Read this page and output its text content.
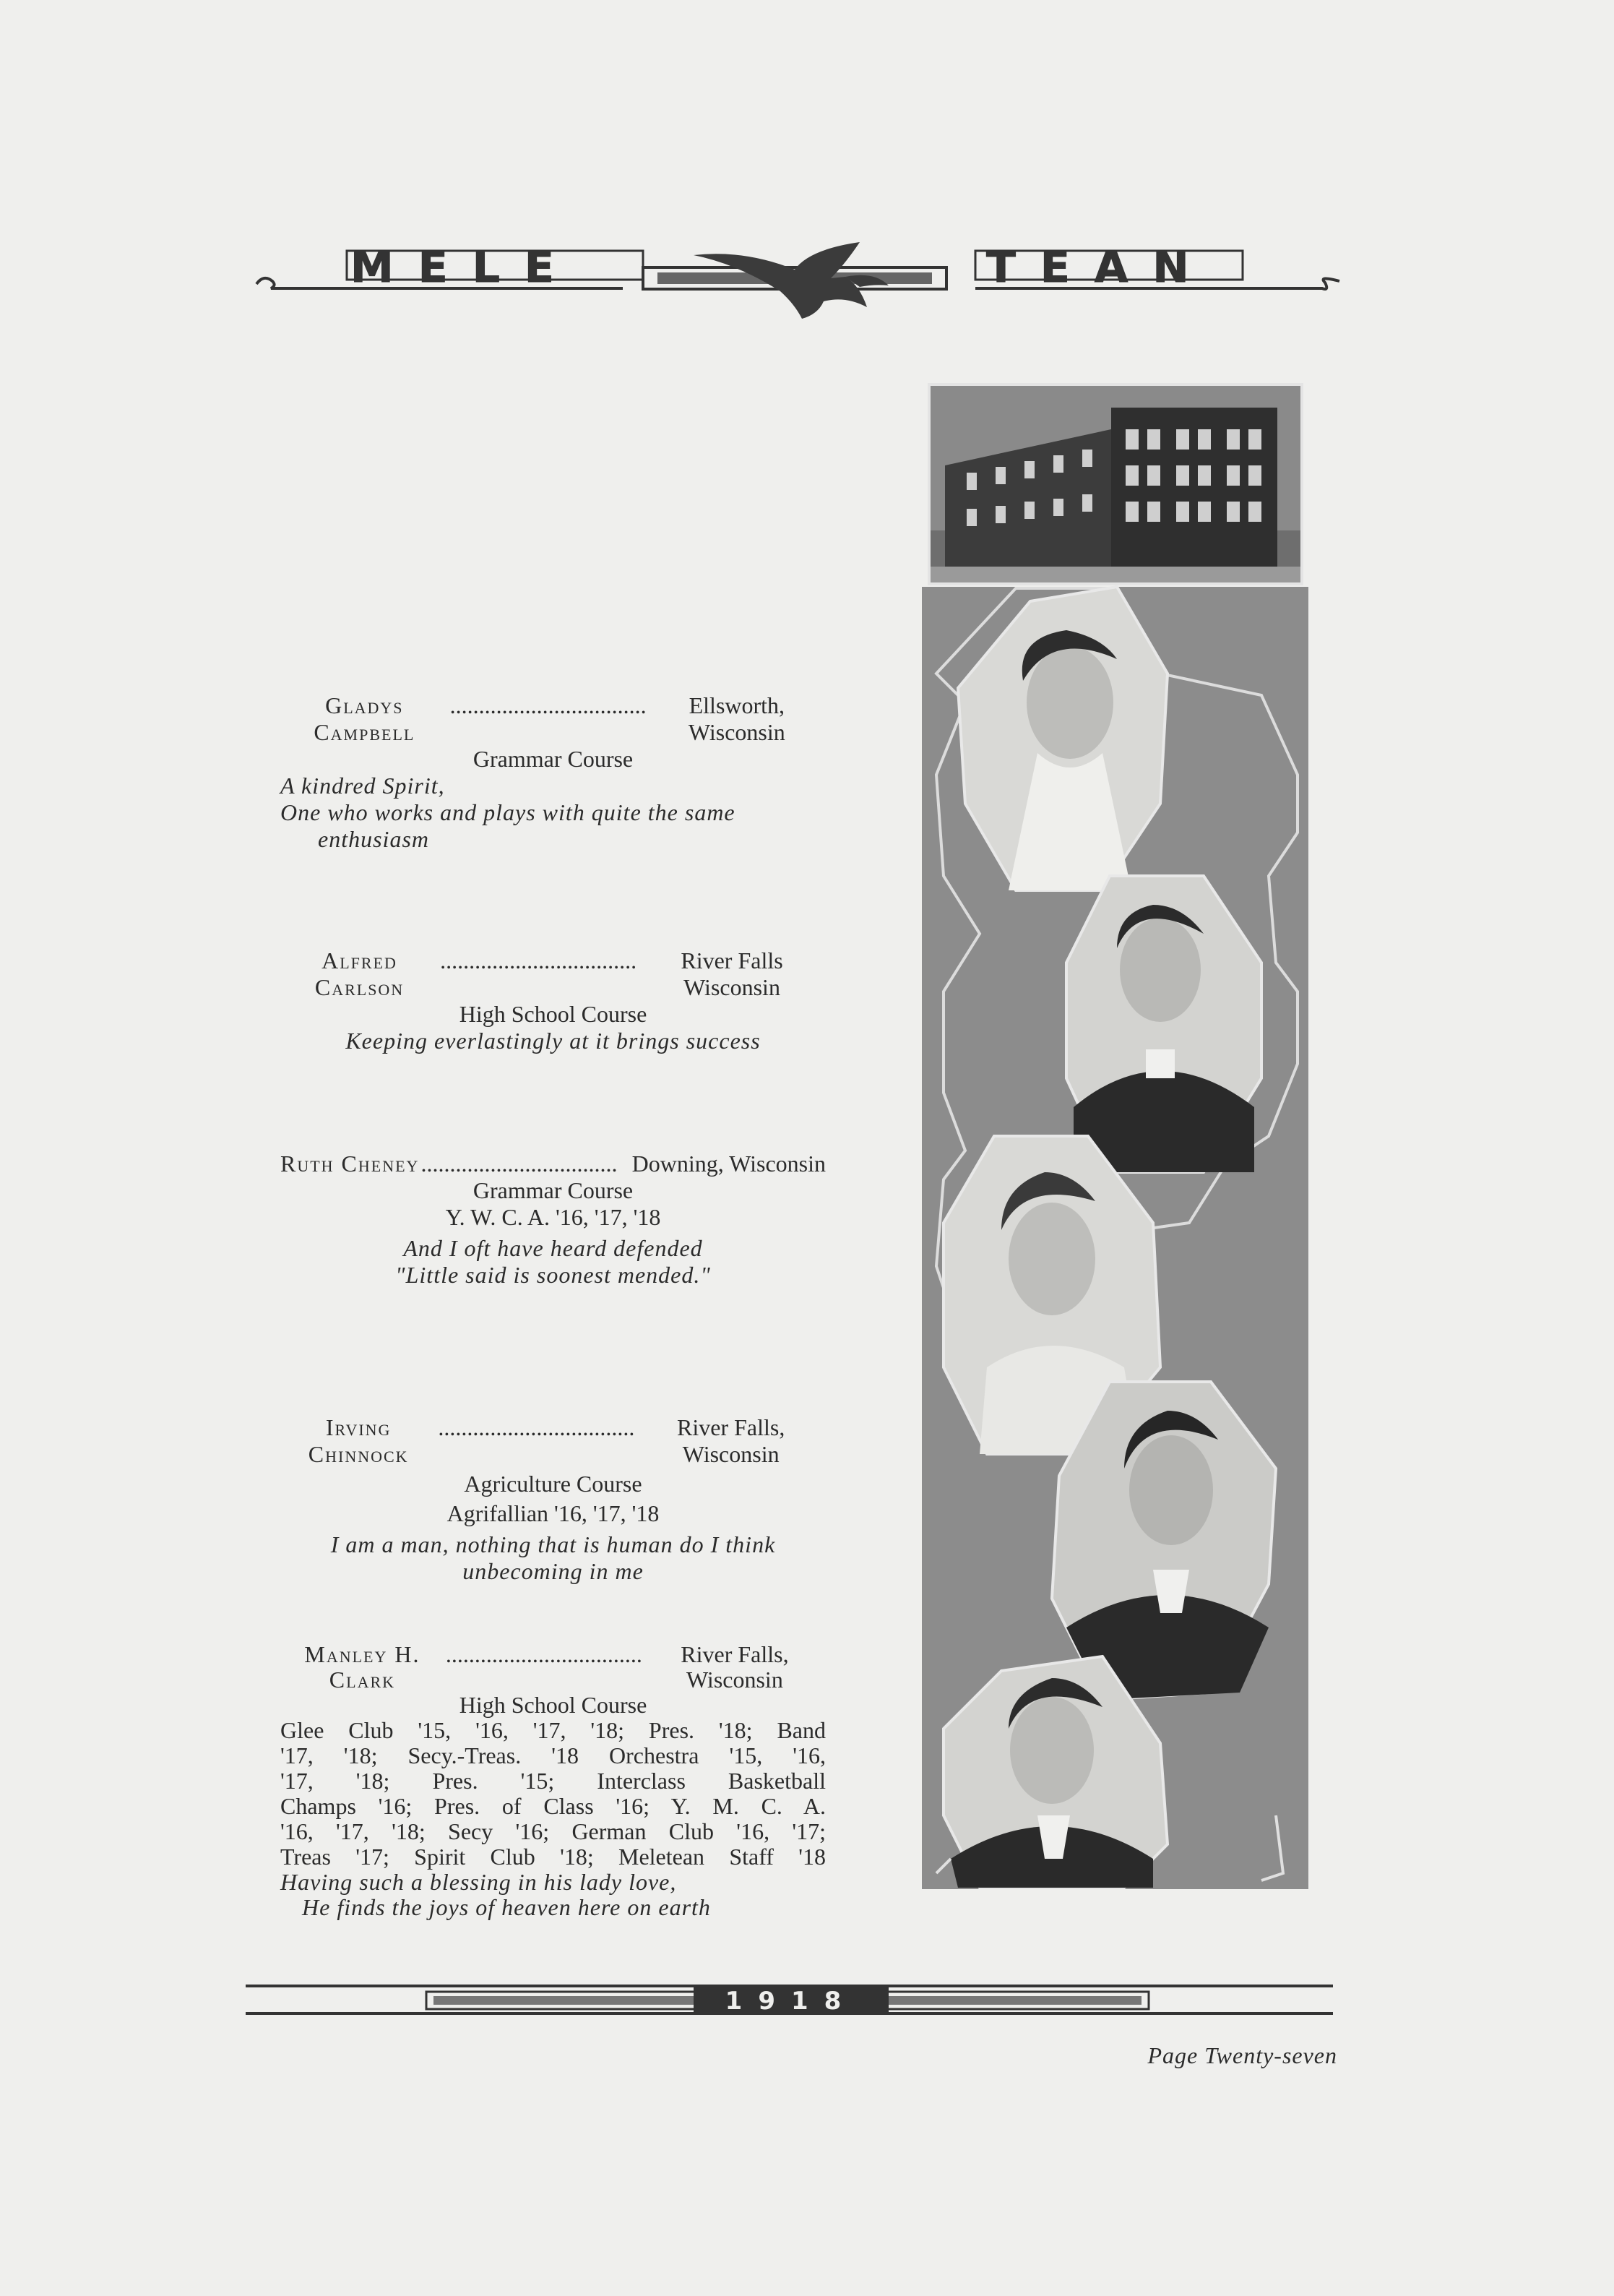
MELE	TEAN
Gladys Campbell
..................................	Ellsworth, Wisconsin
Grammar Course
A kindred Spirit,
One who works and plays with quite the same
enthusiasm
Alfred Carlson
..................................	River Falls Wisconsin
High School Course
Keeping everlastingly at it brings success
Ruth Cheney .................................. Downing, Wisconsin
Grammar Course
Y. W. C. A. '16, '17, '18
And I oft have heard defended
"Little said is soonest mended."
Irving Chinnock
..................................	River Falls, Wisconsin
Agriculture Course
Agrifallian '16, '17, '18
I am a man, nothing that is human do I think
unbecoming in me
Manley H. Clark
..................................	River Falls, Wisconsin
High School Course
Glee Club '15, '16, '17, '18; Pres. '18; Band
'17, '18; Secy.-Treas. '18 Orchestra '15, '16,
'17, '18; Pres. '15; Interclass Basketball
Champs '16; Pres. of Class '16; Y. M. C. A.
'16, '17, '18; Secy '16; German Club '16, '17;
Treas '17; Spirit Club '18; Meletean Staff '18
Having such a blessing in his lady love,
He finds the joys of heaven here on earth
1918
Page Twenty-seven
